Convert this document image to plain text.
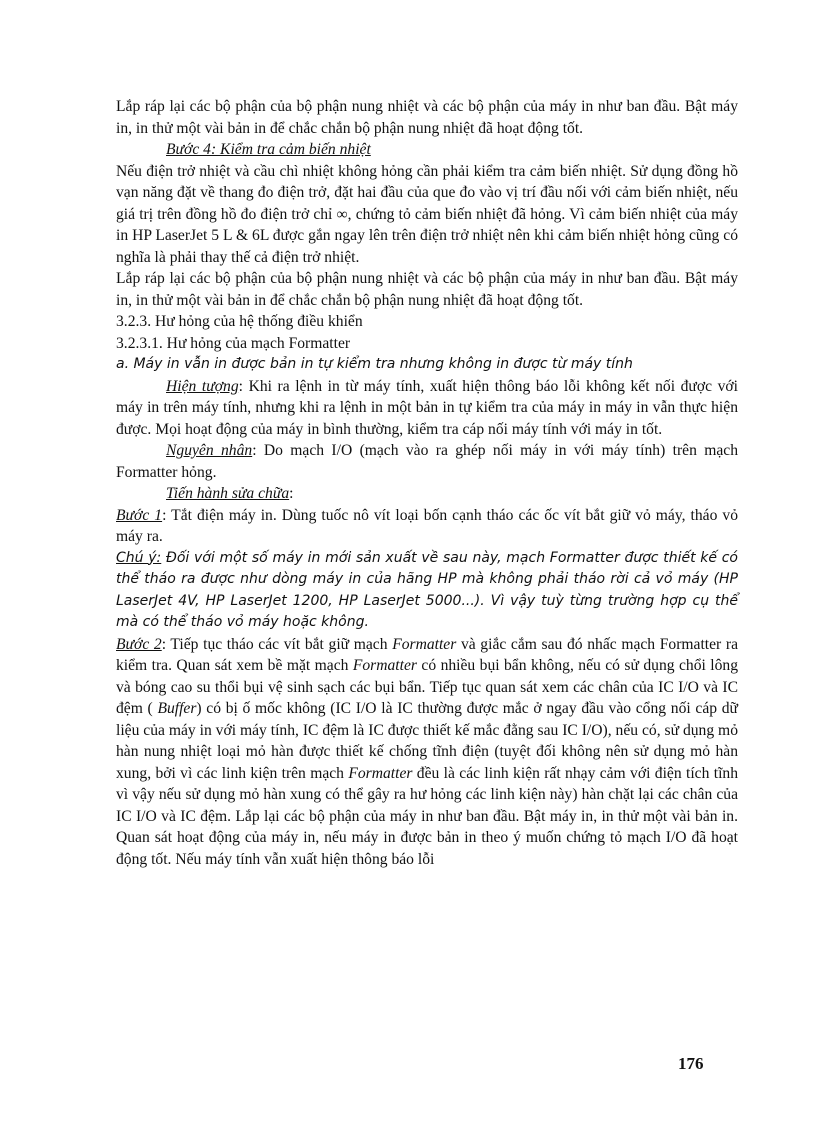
Lắp ráp lại các bộ phận của bộ phận nung nhiệt và các bộ phận của máy in như ban đầu. Bật máy in, in thử một vài bản in để chắc chắn bộ phận nung nhiệt đã hoạt động tốt.

Bước 4: Kiểm tra cảm biến nhiệt

Nếu điện trở nhiệt và cầu chì nhiệt không hỏng cần phải kiểm tra cảm biến nhiệt. Sử dụng đồng hồ vạn năng đặt về thang đo điện trở, đặt hai đầu của que đo vào vị trí đầu nối với cảm biến nhiệt, nếu giá trị trên đồng hồ đo điện trở chỉ ∞, chứng tỏ cảm biến nhiệt đã hỏng. Vì cảm biến nhiệt của máy in HP LaserJet 5 L & 6L được gắn ngay lên trên điện trở nhiệt nên khi cảm biến nhiệt hỏng cũng có nghĩa là phải thay thế cả điện trở nhiệt.

Lắp ráp lại các bộ phận của bộ phận nung nhiệt và các bộ phận của máy in như ban đầu. Bật máy in, in thử một vài bản in để chắc chắn bộ phận nung nhiệt đã hoạt động tốt.

3.2.3. Hư hỏng của hệ thống điều khiển

3.2.3.1. Hư hỏng của mạch Formatter

a. Máy in vẫn in được bản in tự kiểm tra nhưng không in được từ máy tính

Hiện tượng: Khi ra lệnh in từ máy tính, xuất hiện thông báo lỗi không kết nối được với máy in trên máy tính, nhưng khi ra lệnh in một bản in tự kiểm tra của máy in máy in vẫn thực hiện được. Mọi hoạt động của máy in bình thường, kiểm tra cáp nối máy tính với máy in tốt.

Nguyên nhân: Do mạch I/O (mạch vào ra ghép nối máy in với máy tính) trên mạch Formatter hỏng.

Tiến hành sửa chữa:

Bước 1: Tắt điện máy in. Dùng tuốc nô vít loại bốn cạnh tháo các ốc vít bắt giữ vỏ máy, tháo vỏ máy ra.

Chú ý: Đối với một số máy in mới sản xuất về sau này, mạch Formatter được thiết kế có thể tháo ra được như dòng máy in của hãng HP mà không phải tháo rời cả vỏ máy (HP LaserJet 4V, HP LaserJet 1200, HP LaserJet 5000...). Vì vậy tuỳ từng trường hợp cụ thể mà có thể tháo vỏ máy hoặc không.

Bước 2: Tiếp tục tháo các vít bắt giữ mạch Formatter và giắc cắm sau đó nhấc mạch Formatter ra kiểm tra. Quan sát xem bề mặt mạch Formatter có nhiều bụi bẩn không, nếu có sử dụng chổi lông và bóng cao su thổi bụi vệ sinh sạch các bụi bẩn. Tiếp tục quan sát xem các chân của IC I/O và IC đệm ( Buffer) có bị ố mốc không (IC I/O là IC thường được mắc ở ngay đầu vào cổng nối cáp dữ liệu của máy in với máy tính, IC đệm là IC được thiết kế mắc đằng sau IC I/O), nếu có, sử dụng mỏ hàn nung nhiệt loại mỏ hàn được thiết kế chống tĩnh điện (tuyệt đối không nên sử dụng mỏ hàn xung, bởi vì các linh kiện trên mạch Formatter đều là các linh kiện rất nhạy cảm với điện tích tĩnh vì vậy nếu sử dụng mỏ hàn xung có thể gây ra hư hỏng các linh kiện này) hàn chặt lại các chân của IC I/O và IC đệm. Lắp lại các bộ phận của máy in như ban đầu. Bật máy in, in thử một vài bản in. Quan sát hoạt động của máy in, nếu máy in được bản in theo ý muốn chứng tỏ mạch I/O đã hoạt động tốt. Nếu máy tính vẫn xuất hiện thông báo lỗi

176
